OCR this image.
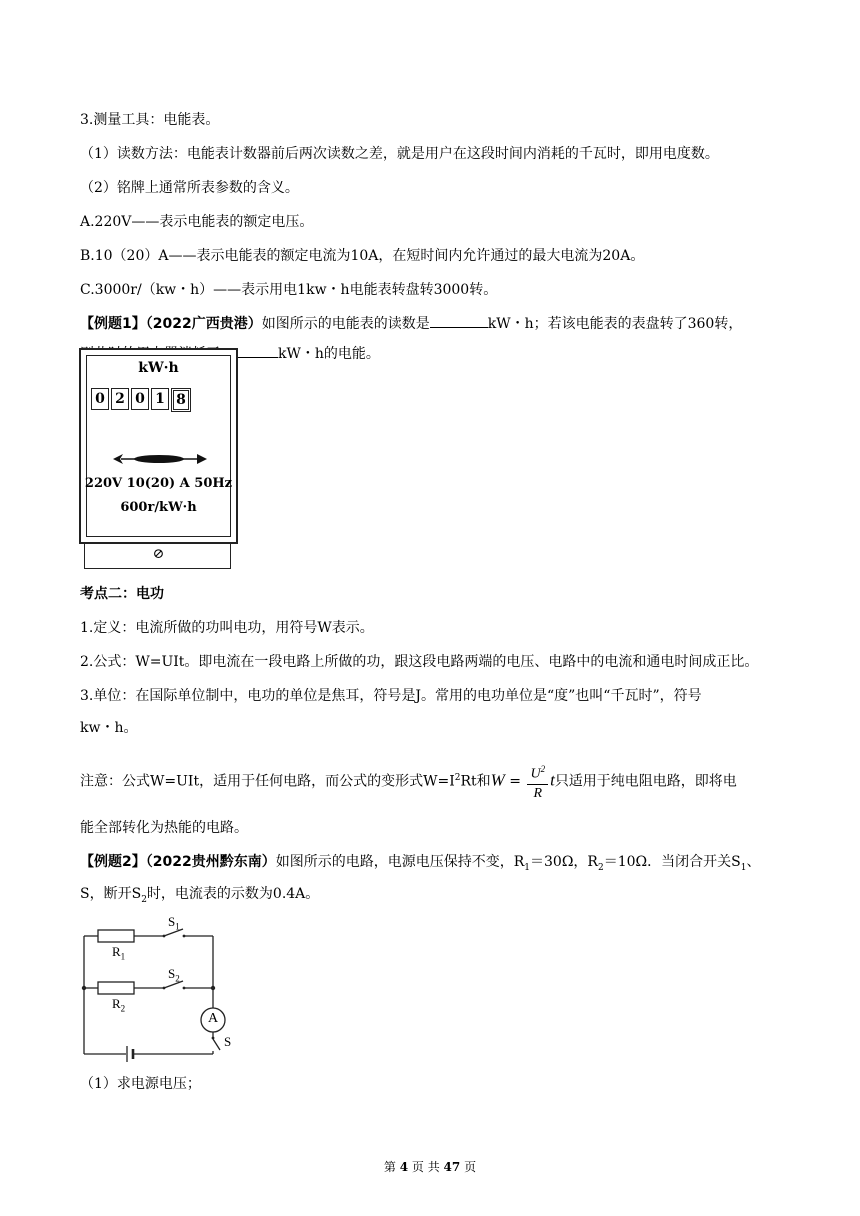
3.测量工具：电能表。
（1）读数方法：电能表计数器前后两次读数之差，就是用户在这段时间内消耗的千瓦时，即用电度数。
（2）铭牌上通常所表参数的含义。
A.220V——表示电能表的额定电压。
B.10（20）A——表示电能表的额定电流为10A，在短时间内允许通过的最大电流为20A。
C.3000r/（kw・h）——表示用电1kw・h电能表转盘转3000转。
【例题1】（2022广西贵港）如图所示的电能表的读数是	kW・h；若该电能表的表盘转了360转，
kW・h的电能。
kW·h
0 2 0 1 8
220V 10(20) A 50Hz
600r/kW·h
⊘
考点二：电功
1.定义：电流所做的功叫电功，用符号W表示。
2.公式：W=UIt。即电流在一段电路上所做的功，跟这段电路两端的电压、电路中的电流和通电时间成正比。
3.单位：在国际单位制中，电功的单位是焦耳，符号是J。常用的电功单位是“度”也叫“千瓦时”，符号
kw・h。
注意：公式W=UIt，适用于任何电路，而公式的变形式$W=I^2Rt$和$W = \frac{U^2}{R}$ t只适用于纯电阻电路，即将电
能全部转化为热能的电路。
【例题2】（2022贵州黔东南）如图所示的电路，电源电压保持不变，$R_1=30\Omega$，$R_2=10\Omega$．当闭合开关$S_1$、
S，断开$S_2$时，电流表的示数为0.4A。
A
$R_1$
$R_2$
$S_1$
$S_2$
S
（1）求电源电压；
第 4 页 共 47 页
